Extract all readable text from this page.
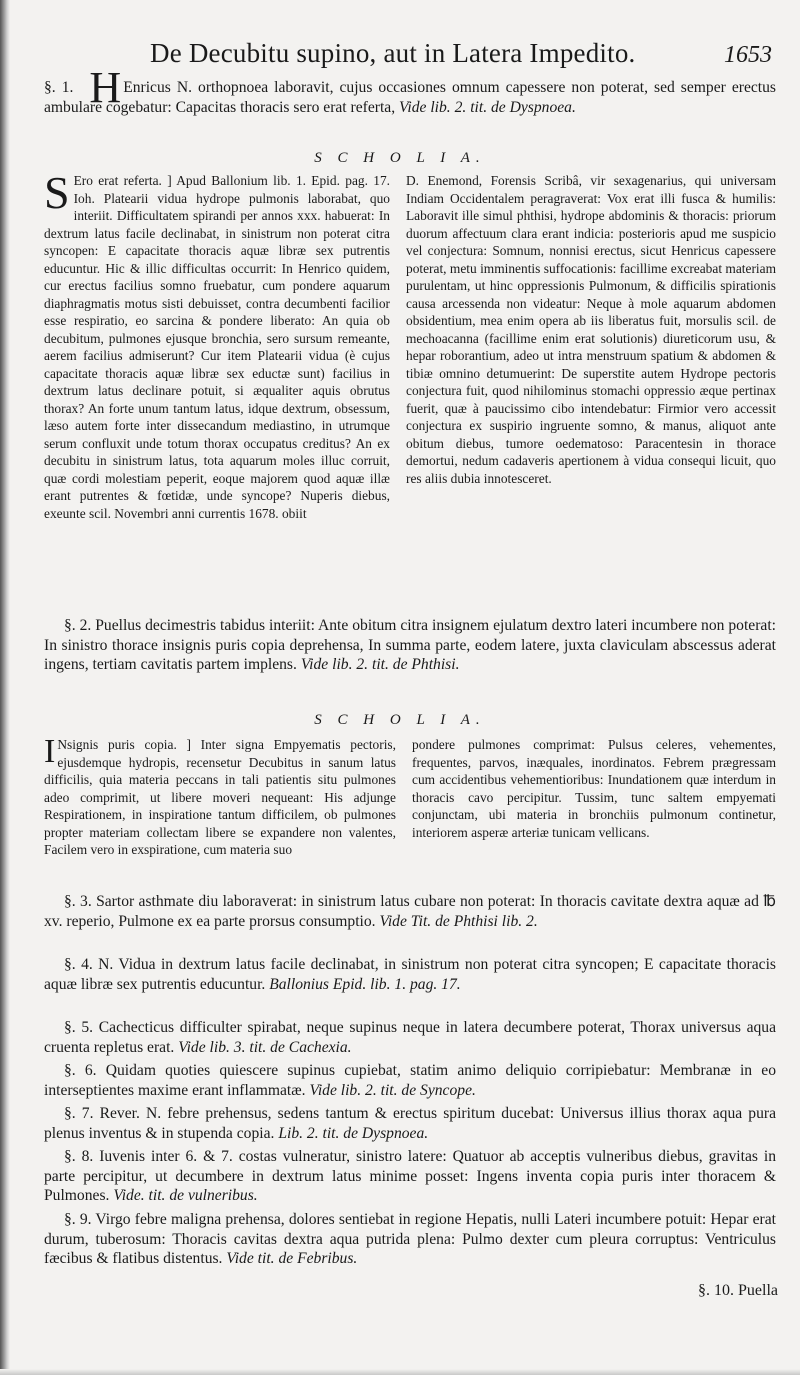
De Decubitu supino, aut in Latera Impedito.	1653
§. 1. H Enricus N. orthopnoea laboravit, cujus occasiones omnum capessere non poterat, sed semper erectus ambulare cogebatur: Capacitas thoracis sero erat referta, Vide lib. 2. tit. de Dyspnoea.
S C H O L I A.
S Ero erat referta. ] Apud Ballonium lib. 1. Epid. pag. 17. Ioh. Platearii vidua hydrope pulmonis laborabat, quo interiit. Difficultatem spirandi per annos xxx. habuerat: In dextrum latus facile declinabat, in sinistrum non poterat citra syncopen: E capacitate thoracis aquæ libræ sex putrentis educuntur. Hic & illic difficultas occurrit: In Henrico quidem, cur erectus facilius somno fruebatur, cum pondere aquarum diaphragmatis motus sisti debuisset, contra decumbenti facilior esse respiratio, eo sarcina & pondere liberato: An quia ob decubitum, pulmones ejusque bronchia, sero sursum remeante, aerem facilius admiserunt? Cur item Platearii vidua (è cujus capacitate thoracis aquæ libræ sex eductæ sunt) facilius in dextrum latus declinare potuit, si æqualiter aquis obrutus thorax? An forte unum tantum latus, idque dextrum, obsessum, læso autem forte inter dissecandum mediastino, in utrumque serum confluxit unde totum thorax occupatus creditus? An ex decubitu in sinistrum latus, tota aquarum moles illuc corruit, quæ cordi molestiam peperit, eoque majorem quod aquæ illæ erant putrentes & fœtidæ, unde syncope? Nuperis diebus, exeunte scil. Novembri anni currentis 1678. obiit
D. Enemond, Forensis Scribâ, vir sexagenarius, qui universam Indiam Occidentalem peragraverat: Vox erat illi fusca & humilis: Laboravit ille simul phthisi, hydrope abdominis & thoracis: priorum duorum affectuum clara erant indicia: posterioris apud me suspicio vel conjectura: Somnum, nonnisi erectus, sicut Henricus capessere poterat, metu imminentis suffocationis: facillime excreabat materiam purulentam, ut hinc oppressionis Pulmonum, & difficilis spirationis causa arcessenda non videatur: Neque à mole aquarum abdomen obsidentium, mea enim opera ab iis liberatus fuit, morsulis scil. de mechoacanna (facillime enim erat solutionis) diureticorum usu, & hepar roborantium, adeo ut intra menstruum spatium & abdomen & tibiæ omnino detumuerint: De superstite autem Hydrope pectoris conjectura fuit, quod nihilominus stomachi oppressio æque pertinax fuerit, quæ à paucissimo cibo intendebatur: Firmior vero accessit conjectura ex suspirio ingruente somno, & manus, aliquot ante obitum diebus, tumore oedematoso: Paracentesin in thorace demortui, nedum cadaveris apertionem à vidua consequi licuit, quo res aliis dubia innotesceret.
§. 2. Puellus decimestris tabidus interiit: Ante obitum citra insignem ejulatum dextro lateri incumbere non poterat: In sinistro thorace insignis puris copia deprehensa, In summa parte, eodem latere, juxta claviculam abscessus aderat ingens, tertiam cavitatis partem implens. Vide lib. 2. tit. de Phthisi.
S C H O L I A.
I Nsignis puris copia. ] Inter signa Empyematis pectoris, ejusdemque hydropis, recensetur Decubitus in sanum latus difficilis, quia materia peccans in tali patientis situ pulmones adeo comprimit, ut libere moveri nequeant: His adjunge Respirationem, in inspiratione tantum difficilem, ob pulmones propter materiam collectam libere se expandere non valentes, Facilem vero in exspiratione, cum materia suo
pondere pulmones comprimat: Pulsus celeres, vehementes, frequentes, parvos, inæquales, inordinatos. Febrem prægressam cum accidentibus vehementioribus: Inundationem quæ interdum in thoracis cavo percipitur. Tussim, tunc saltem empyemati conjunctam, ubi materia in bronchiis pulmonum continetur, interiorem asperæ arteriæ tunicam vellicans.
§. 3. Sartor asthmate diu laboraverat: in sinistrum latus cubare non poterat: In thoracis cavitate dextra aquæ ad ℔ xv. reperio, Pulmone ex ea parte prorsus consumptio. Vide Tit. de Phthisi lib. 2.
§. 4. N. Vidua in dextrum latus facile declinabat, in sinistrum non poterat citra syncopen; E capacitate thoracis aquæ libræ sex putrentis educuntur. Ballonius Epid. lib. 1. pag. 17.
§. 5. Cachecticus difficulter spirabat, neque supinus neque in latera decumbere poterat, Thorax universus aqua cruenta repletus erat. Vide lib. 3. tit. de Cachexia.
§. 6. Quidam quoties quiescere supinus cupiebat, statim animo deliquio corripiebatur: Membranæ in eo interseptientes maxime erant inflammatæ. Vide lib. 2. tit. de Syncope.
§. 7. Rever. N. febre prehensus, sedens tantum & erectus spiritum ducebat: Universus illius thorax aqua pura plenus inventus & in stupenda copia. Lib. 2. tit. de Dyspnoea.
§. 8. Iuvenis inter 6. & 7. costas vulneratur, sinistro latere: Quatuor ab acceptis vulneribus diebus, gravitas in parte percipitur, ut decumbere in dextrum latus minime posset: Ingens inventa copia puris inter thoracem & Pulmones. Vide. tit. de vulneribus.
§. 9. Virgo febre maligna prehensa, dolores sentiebat in regione Hepatis, nulli Lateri incumbere potuit: Hepar erat durum, tuberosum: Thoracis cavitas dextra aqua putrida plena: Pulmo dexter cum pleura corruptus: Ventriculus fæcibus & flatibus distentus. Vide tit. de Febribus.
§. 10. Puella
